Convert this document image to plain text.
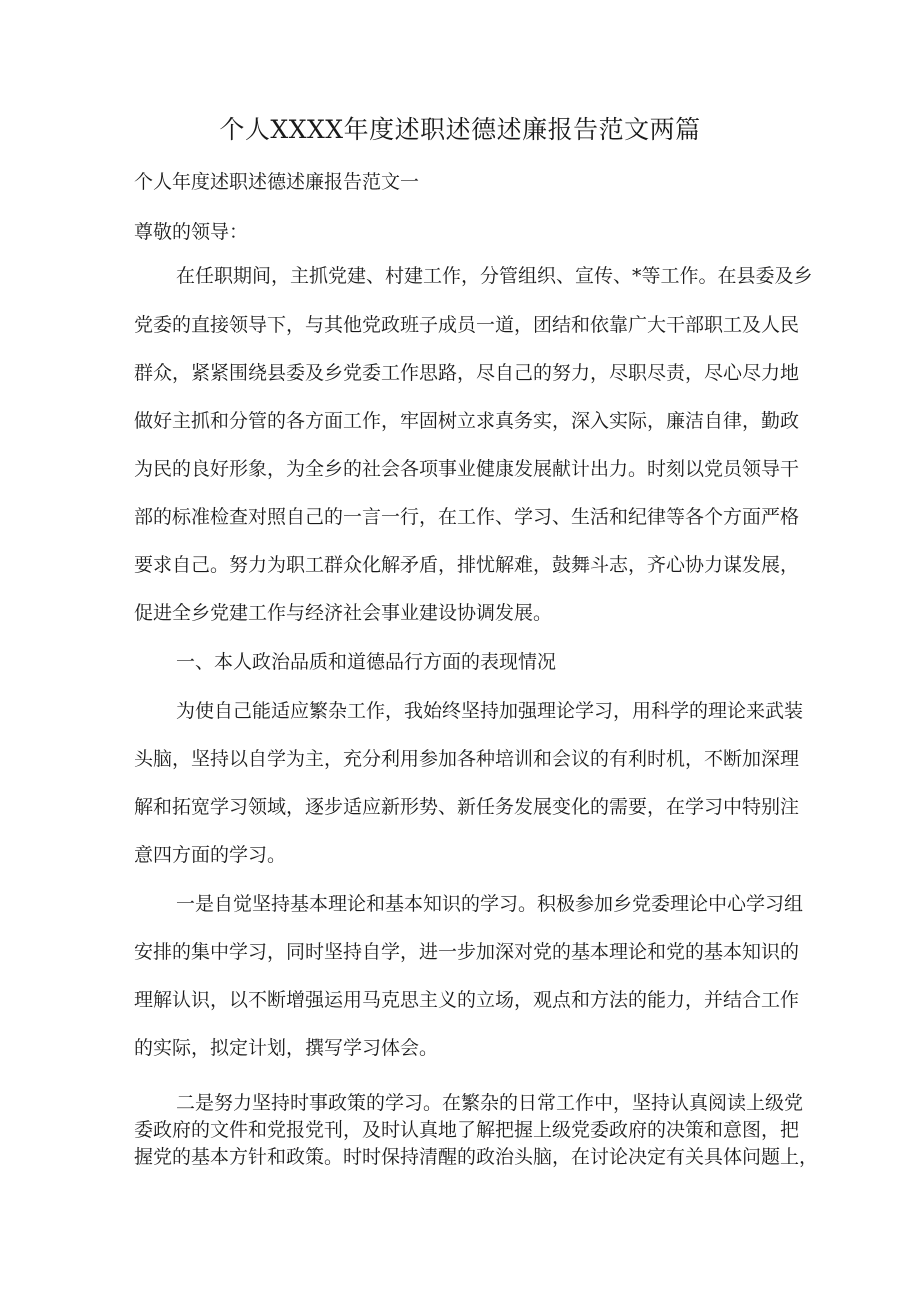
个人XXXX年度述职述德述廉报告范文两篇
个人年度述职述德述廉报告范文一
尊敬的领导：
在任职期间，主抓党建、村建工作，分管组织、宣传、*等工作。在县委及乡
党委的直接领导下，与其他党政班子成员一道，团结和依靠广大干部职工及人民
群众，紧紧围绕县委及乡党委工作思路，尽自己的努力，尽职尽责，尽心尽力地
做好主抓和分管的各方面工作，牢固树立求真务实，深入实际，廉洁自律，勤政
为民的良好形象，为全乡的社会各项事业健康发展献计出力。时刻以党员领导干
部的标准检查对照自己的一言一行，在工作、学习、生活和纪律等各个方面严格
要求自己。努力为职工群众化解矛盾，排忧解难，鼓舞斗志，齐心协力谋发展，
促进全乡党建工作与经济社会事业建设协调发展。
一、本人政治品质和道德品行方面的表现情况
为使自己能适应繁杂工作，我始终坚持加强理论学习，用科学的理论来武装
头脑，坚持以自学为主，充分利用参加各种培训和会议的有利时机，不断加深理
解和拓宽学习领域，逐步适应新形势、新任务发展变化的需要，在学习中特别注
意四方面的学习。
一是自觉坚持基本理论和基本知识的学习。积极参加乡党委理论中心学习组
安排的集中学习，同时坚持自学，进一步加深对党的基本理论和党的基本知识的
理解认识，以不断增强运用马克思主义的立场，观点和方法的能力，并结合工作
的实际，拟定计划，撰写学习体会。
二是努力坚持时事政策的学习。在繁杂的日常工作中，坚持认真阅读上级党
委政府的文件和党报党刊，及时认真地了解把握上级党委政府的决策和意图，把
握党的基本方针和政策。时时保持清醒的政治头脑，在讨论决定有关具体问题上，
